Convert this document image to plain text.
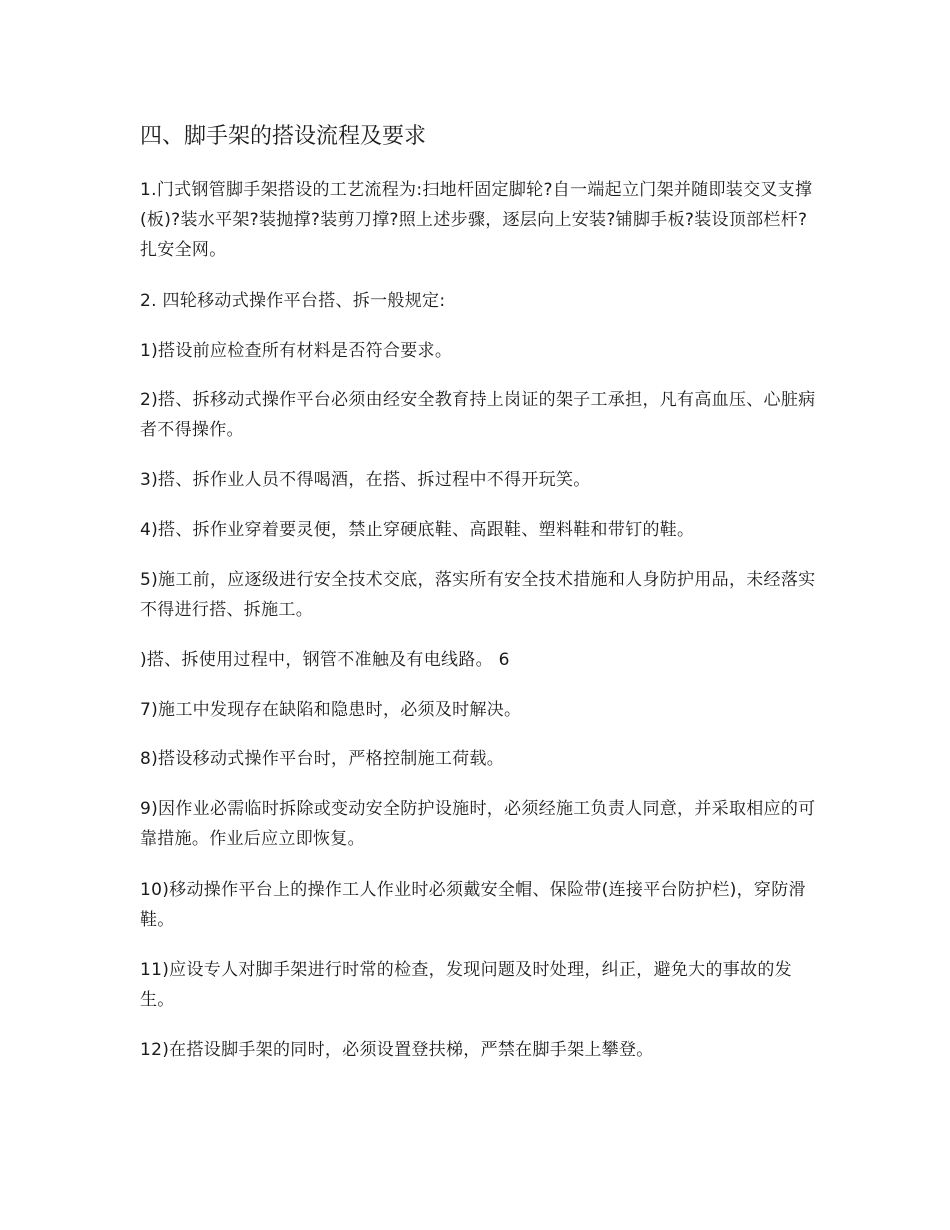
四、脚手架的搭设流程及要求

1.门式钢管脚手架搭设的工艺流程为:扫地杆固定脚轮?自一端起立门架并随即装交叉支撑(板)?装水平架?装抛撑?装剪刀撑?照上述步骤，逐层向上安装?铺脚手板?装设顶部栏杆?扎安全网。

2. 四轮移动式操作平台搭、拆一般规定:

1)搭设前应检查所有材料是否符合要求。

2)搭、拆移动式操作平台必须由经安全教育持上岗证的架子工承担，凡有高血压、心脏病者不得操作。

3)搭、拆作业人员不得喝酒，在搭、拆过程中不得开玩笑。

4)搭、拆作业穿着要灵便，禁止穿硬底鞋、高跟鞋、塑料鞋和带钉的鞋。

5)施工前，应逐级进行安全技术交底，落实所有安全技术措施和人身防护用品，未经落实不得进行搭、拆施工。

)搭、拆使用过程中，钢管不准触及有电线路。 6

7)施工中发现存在缺陷和隐患时，必须及时解决。

8)搭设移动式操作平台时，严格控制施工荷载。

9)因作业必需临时拆除或变动安全防护设施时，必须经施工负责人同意，并采取相应的可靠措施。作业后应立即恢复。

10)移动操作平台上的操作工人作业时必须戴安全帽、保险带(连接平台防护栏)，穿防滑鞋。

11)应设专人对脚手架进行时常的检查，发现问题及时处理，纠正，避免大的事故的发生。

12)在搭设脚手架的同时，必须设置登扶梯，严禁在脚手架上攀登。
